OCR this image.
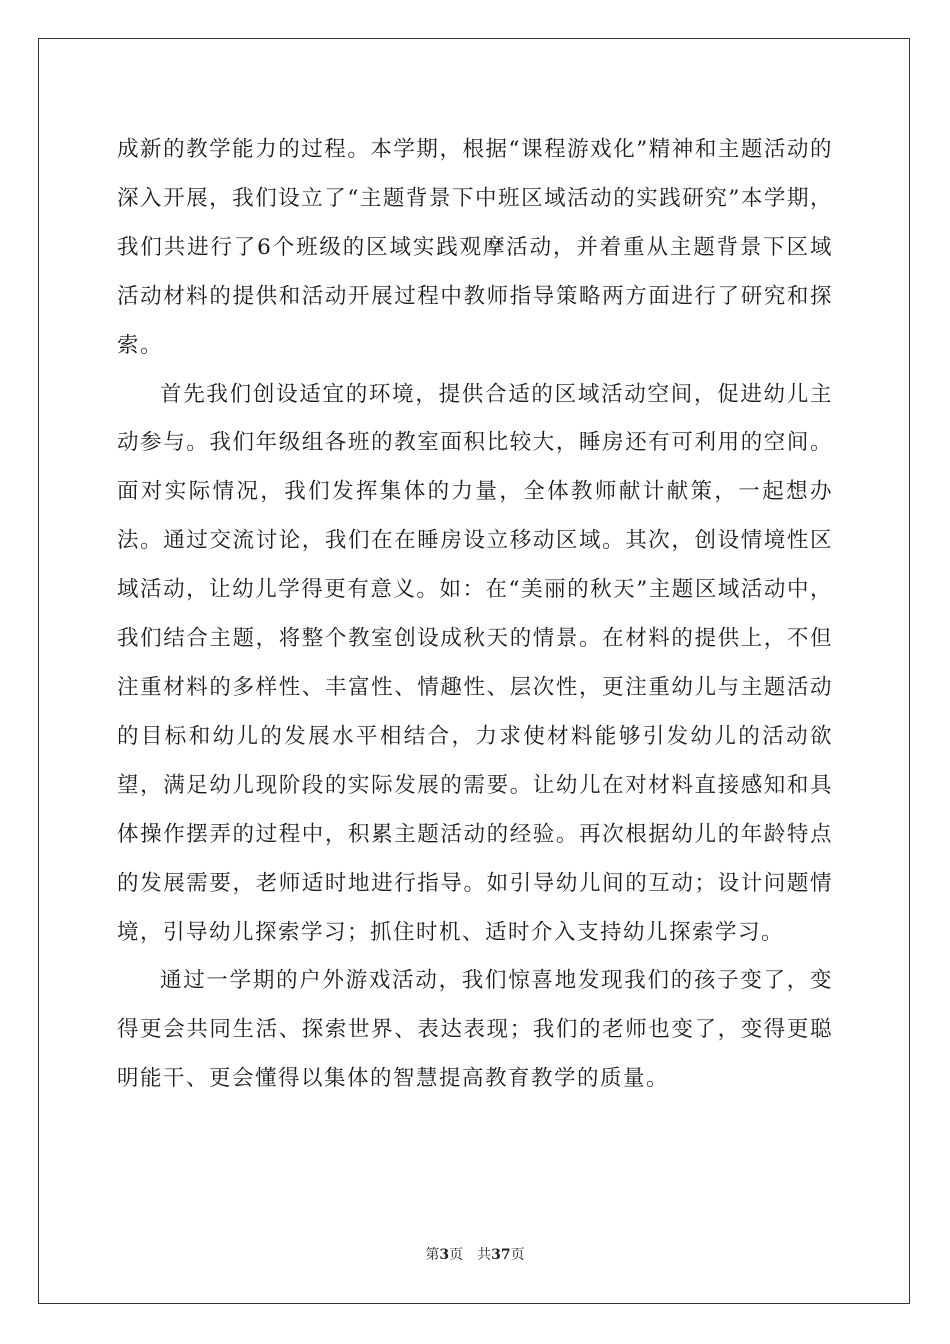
成新的教学能力的过程。本学期，根据“课程游戏化”精神和主题活动的深入开展，我们设立了“主题背景下中班区域活动的实践研究”本学期，我们共进行了6个班级的区域实践观摩活动，并着重从主题背景下区域活动材料的提供和活动开展过程中教师指导策略两方面进行了研究和探索。

首先我们创设适宜的环境，提供合适的区域活动空间，促进幼儿主动参与。我们年级组各班的教室面积比较大，睡房还有可利用的空间。面对实际情况，我们发挥集体的力量，全体教师献计献策，一起想办法。通过交流讨论，我们在在睡房设立移动区域。其次，创设情境性区域活动，让幼儿学得更有意义。如：在“美丽的秋天”主题区域活动中，我们结合主题，将整个教室创设成秋天的情景。在材料的提供上，不但注重材料的多样性、丰富性、情趣性、层次性，更注重幼儿与主题活动的目标和幼儿的发展水平相结合，力求使材料能够引发幼儿的活动欲望，满足幼儿现阶段的实际发展的需要。让幼儿在对材料直接感知和具体操作摆弄的过程中，积累主题活动的经验。再次根据幼儿的年龄特点的发展需要，老师适时地进行指导。如引导幼儿间的互动；设计问题情境，引导幼儿探索学习；抓住时机、适时介入支持幼儿探索学习。

通过一学期的户外游戏活动，我们惊喜地发现我们的孩子变了，变得更会共同生活、探索世界、表达表现；我们的老师也变了，变得更聪明能干、更会懂得以集体的智慧提高教育教学的质量。

第3页 共37页
